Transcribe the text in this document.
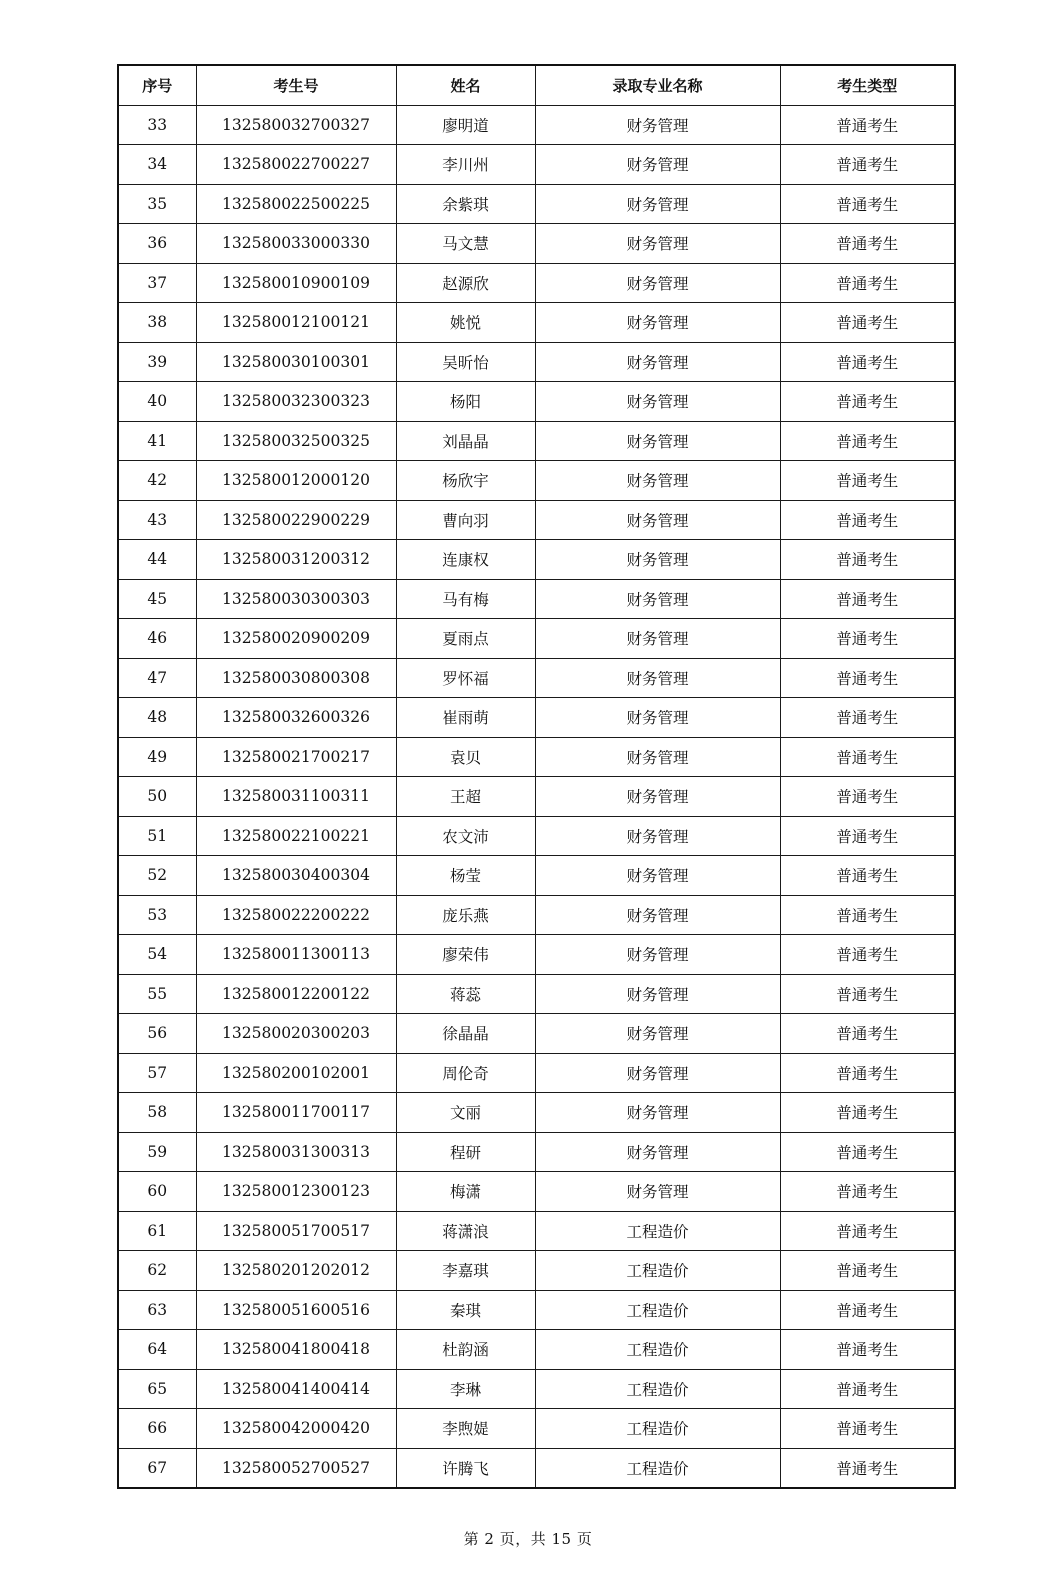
序号	考生号	姓名	录取专业名称	考生类型
33	132580032700327	廖明道	财务管理	普通考生
34	132580022700227	李川州	财务管理	普通考生
35	132580022500225	余紫琪	财务管理	普通考生
36	132580033000330	马文慧	财务管理	普通考生
37	132580010900109	赵源欣	财务管理	普通考生
38	132580012100121	姚悦	财务管理	普通考生
39	132580030100301	吴昕怡	财务管理	普通考生
40	132580032300323	杨阳	财务管理	普通考生
41	132580032500325	刘晶晶	财务管理	普通考生
42	132580012000120	杨欣宇	财务管理	普通考生
43	132580022900229	曹向羽	财务管理	普通考生
44	132580031200312	连康权	财务管理	普通考生
45	132580030300303	马有梅	财务管理	普通考生
46	132580020900209	夏雨点	财务管理	普通考生
47	132580030800308	罗怀福	财务管理	普通考生
48	132580032600326	崔雨萌	财务管理	普通考生
49	132580021700217	袁贝	财务管理	普通考生
50	132580031100311	王超	财务管理	普通考生
51	132580022100221	农文沛	财务管理	普通考生
52	132580030400304	杨莹	财务管理	普通考生
53	132580022200222	庞乐燕	财务管理	普通考生
54	132580011300113	廖荣伟	财务管理	普通考生
55	132580012200122	蒋蕊	财务管理	普通考生
56	132580020300203	徐晶晶	财务管理	普通考生
57	132580200102001	周伦奇	财务管理	普通考生
58	132580011700117	文丽	财务管理	普通考生
59	132580031300313	程研	财务管理	普通考生
60	132580012300123	梅潇	财务管理	普通考生
61	132580051700517	蒋潇浪	工程造价	普通考生
62	132580201202012	李嘉琪	工程造价	普通考生
63	132580051600516	秦琪	工程造价	普通考生
64	132580041800418	杜韵涵	工程造价	普通考生
65	132580041400414	李琳	工程造价	普通考生
66	132580042000420	李煦媞	工程造价	普通考生
67	132580052700527	许腾飞	工程造价	普通考生
第 2 页，共 15 页
